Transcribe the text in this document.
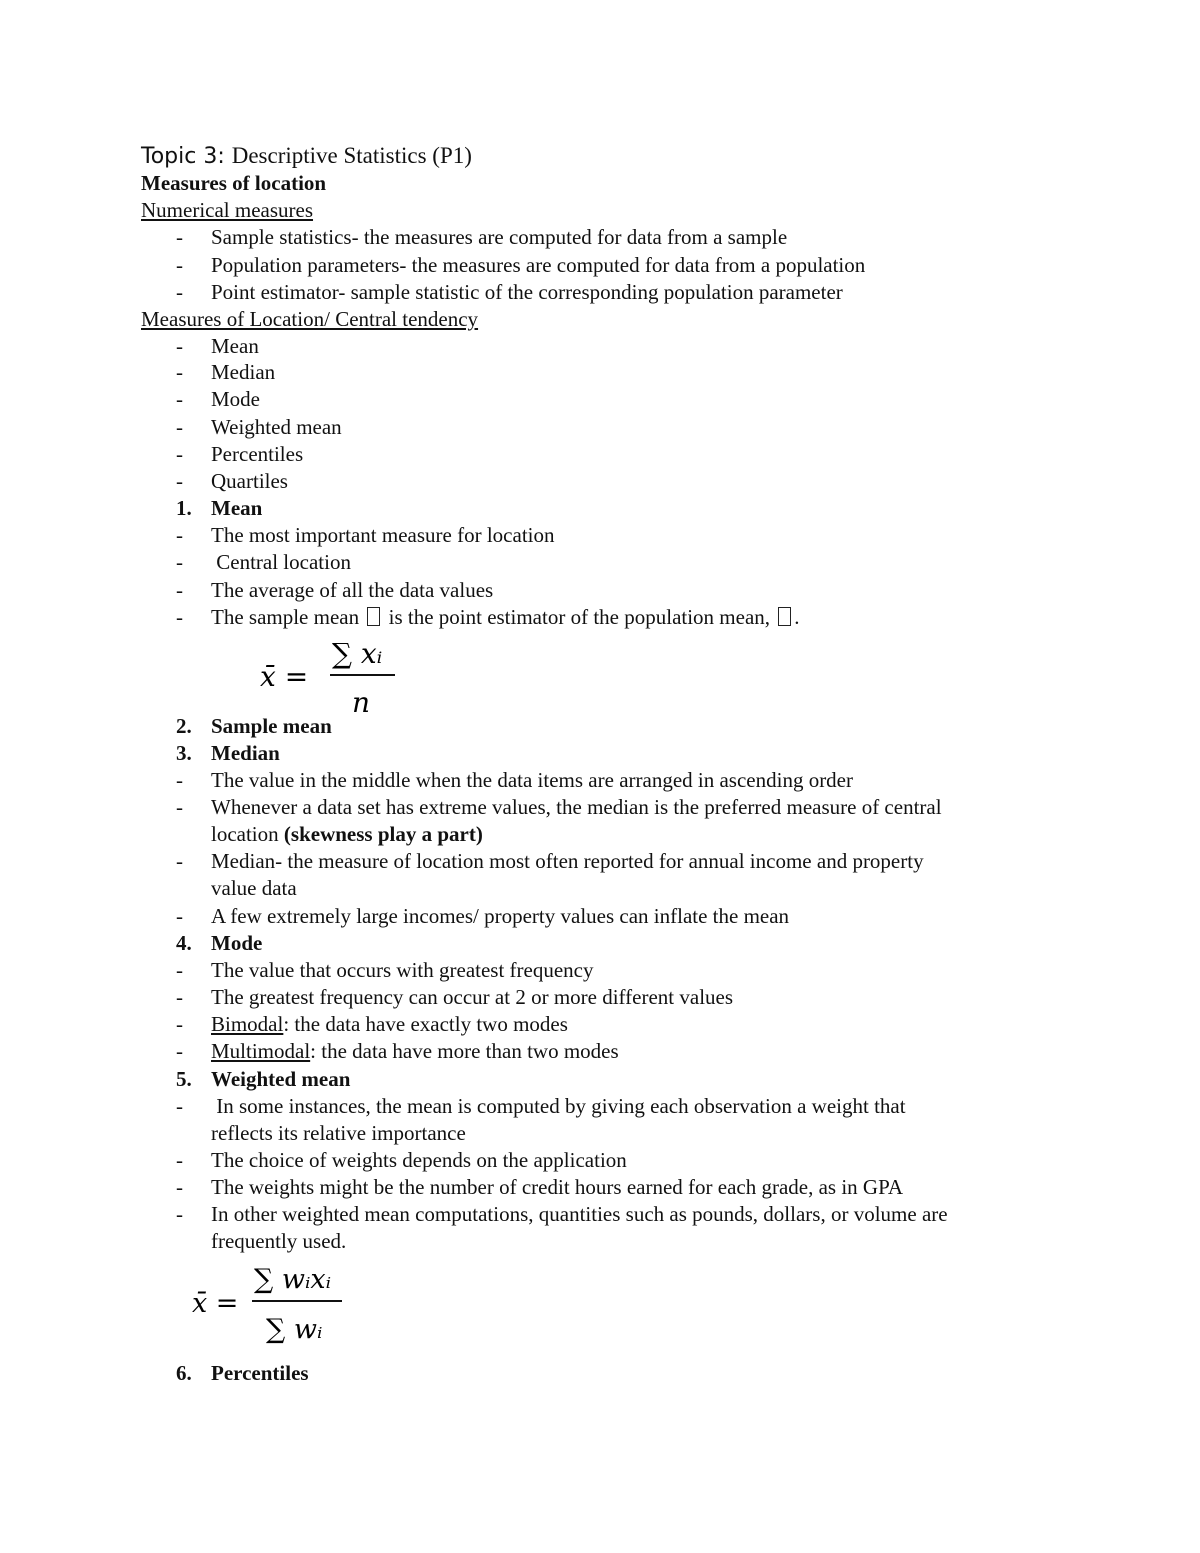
Topic 3: Descriptive Statistics (P1)
Measures of location
Numerical measures
- Sample statistics- the measures are computed for data from a sample
- Population parameters- the measures are computed for data from a population
- Point estimator- sample statistic of the corresponding population parameter
Measures of Location/ Central tendency
- Mean
- Median
- Mode
- Weighted mean
- Percentiles
- Quartiles
1. Mean
- The most important measure for location
- Central location
- The average of all the data values
- The sample mean  is the point estimator of the population mean, .
x̄ =
∑ xᵢ
n
2. Sample mean
3. Median
- The value in the middle when the data items are arranged in ascending order
- Whenever a data set has extreme values, the median is the preferred measure of central
location (skewness play a part)
- Median- the measure of location most often reported for annual income and property
value data
- A few extremely large incomes/ property values can inflate the mean
4. Mode
- The value that occurs with greatest frequency
- The greatest frequency can occur at 2 or more different values
- Bimodal: the data have exactly two modes
- Multimodal: the data have more than two modes
5. Weighted mean
- In some instances, the mean is computed by giving each observation a weight that
reflects its relative importance
- The choice of weights depends on the application
- The weights might be the number of credit hours earned for each grade, as in GPA
- In other weighted mean computations, quantities such as pounds, dollars, or volume are
frequently used.
x̄ =
∑ wᵢxᵢ
∑ wᵢ
6. Percentiles
